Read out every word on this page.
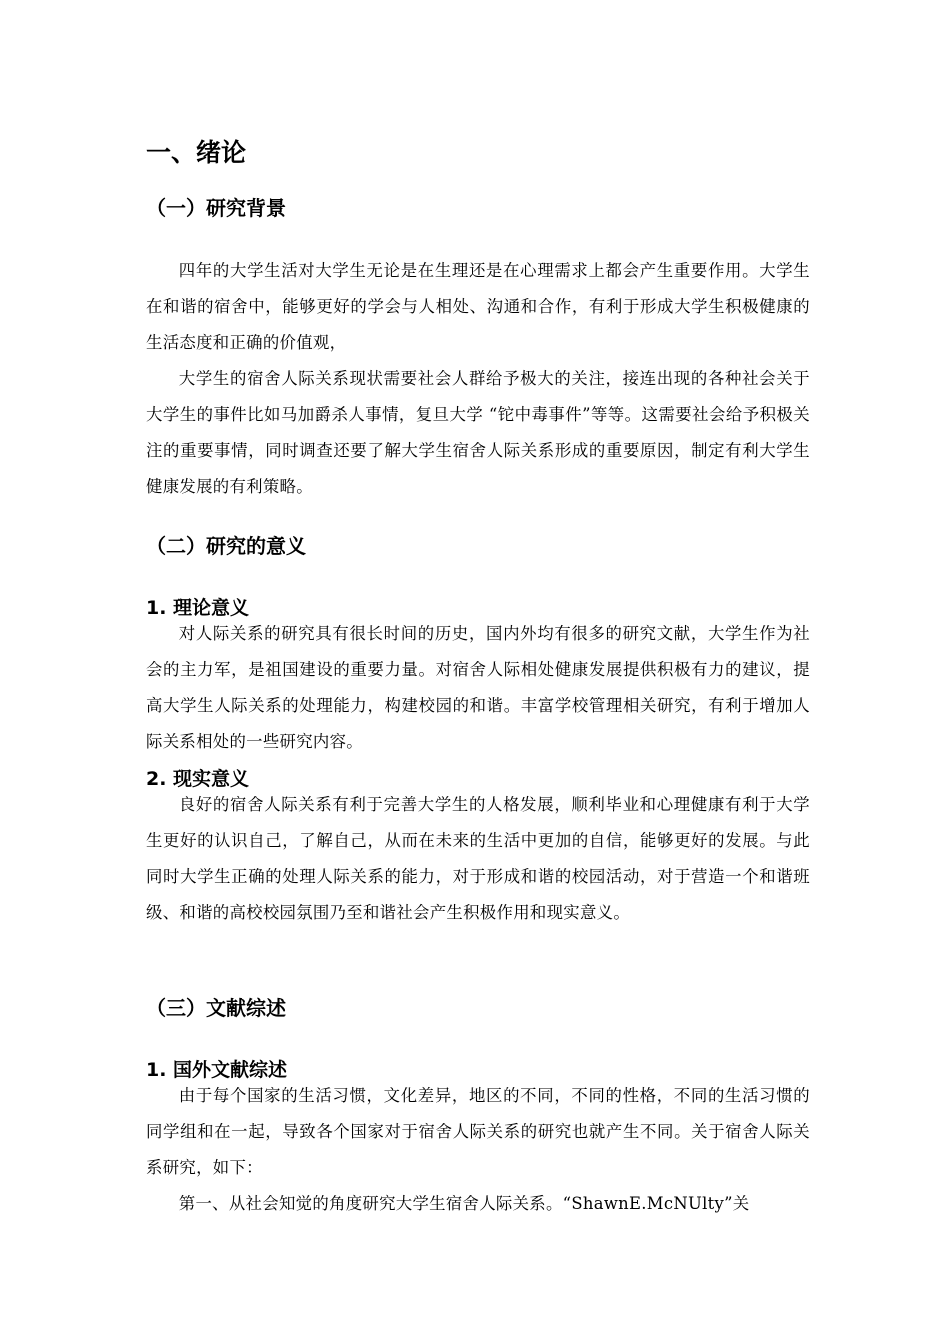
一、绪论
（一）研究背景

四年的大学生活对大学生无论是在生理还是在心理需求上都会产生重要作用。大学生在和谐的宿舍中，能够更好的学会与人相处、沟通和合作，有利于形成大学生积极健康的生活态度和正确的价值观，

大学生的宿舍人际关系现状需要社会人群给予极大的关注，接连出现的各种社会关于大学生的事件比如马加爵杀人事情，复旦大学 “铊中毒事件”等等。这需要社会给予积极关注的重要事情，同时调查还要了解大学生宿舍人际关系形成的重要原因，制定有利大学生健康发展的有利策略。

（二）研究的意义
1. 理论意义

对人际关系的研究具有很长时间的历史，国内外均有很多的研究文献，大学生作为社会的主力军，是祖国建设的重要力量。对宿舍人际相处健康发展提供积极有力的建议，提高大学生人际关系的处理能力，构建校园的和谐。丰富学校管理相关研究，有利于增加人际关系相处的一些研究内容。

2. 现实意义

良好的宿舍人际关系有利于完善大学生的人格发展，顺利毕业和心理健康有利于大学生更好的认识自己，了解自己，从而在未来的生活中更加的自信，能够更好的发展。与此同时大学生正确的处理人际关系的能力，对于形成和谐的校园活动，对于营造一个和谐班级、和谐的高校校园氛围乃至和谐社会产生积极作用和现实意义。

（三）文献综述
1. 国外文献综述

由于每个国家的生活习惯，文化差异，地区的不同，不同的性格，不同的生活习惯的同学组和在一起，导致各个国家对于宿舍人际关系的研究也就产生不同。关于宿舍人际关系研究，如下：

第一、从社会知觉的角度研究大学生宿舍人际关系。“ShawnE.McNUlty”关
